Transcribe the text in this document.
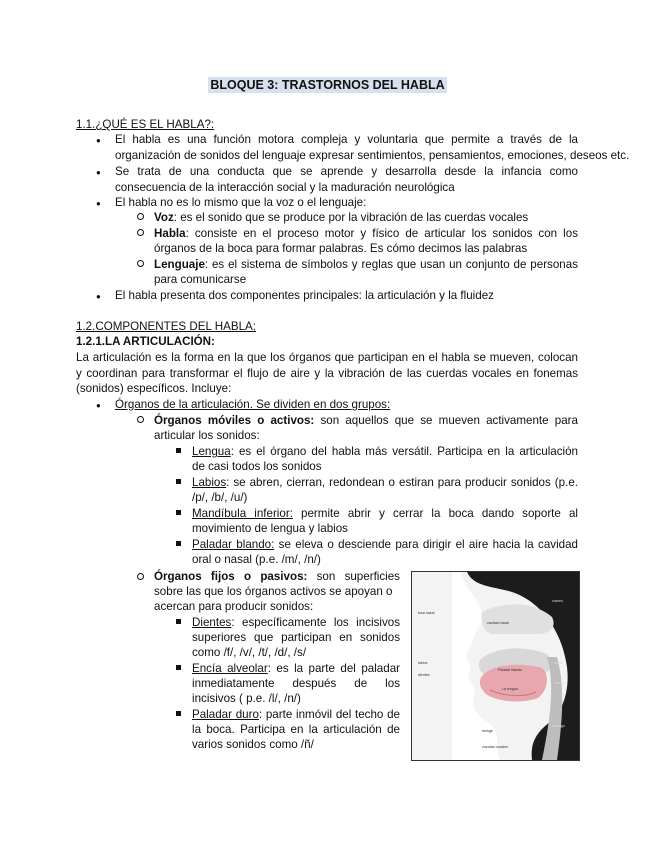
BLOQUE 3: TRASTORNOS DEL HABLA
1.1.¿QUÉ ES EL HABLA?:
● El habla es una función motora compleja y voluntaria que permite a través de la
organización de sonidos del lenguaje expresar sentimientos, pensamientos, emociones, deseos etc.
● Se trata de una conducta que se aprende y desarrolla desde la infancia como
consecuencia de la interacción social y la maduración neurológica
● El habla no es lo mismo que la voz o el lenguaje:
Voz: es el sonido que se produce por la vibración de las cuerdas vocales
Habla: consiste en el proceso motor y físico de articular los sonidos con los
órganos de la boca para formar palabras. Es cómo decimos las palabras
Lenguaje: es el sistema de símbolos y reglas que usan un conjunto de personas
para comunicarse
● El habla presenta dos componentes principales: la articulación y la fluidez
1.2.COMPONENTES DEL HABLA:
1.2.1.LA ARTICULACIÓN:
La articulación es la forma en la que los órganos que participan en el habla se mueven, colocan
y coordinan para transformar el flujo de aire y la vibración de las cuerdas vocales en fonemas
(sonidos) específicos. Incluye:
● Órganos de la articulación. Se dividen en dos grupos:
Órganos móviles o activos: son aquellos que se mueven activamente para
articular los sonidos:
Lengua: es el órgano del habla más versátil. Participa en la articulación
de casi todos los sonidos
Labios: se abren, cierran, redondean o estiran para producir sonidos (p.e.
/p/, /b/, /u/)
Mandíbula inferior: permite abrir y cerrar la boca dando soporte al
movimiento de lengua y labios
Paladar blando: se eleva o desciende para dirigir el aire hacia la cavidad
oral o nasal (p.e. /m/, /n/)
Órganos fijos o pasivos: son superficies
sobre las que los órganos activos se apoyan o
acercan para producir sonidos:
Dientes: específicamente los incisivos
superiores que participan en sonidos
como /f/, /v/, /t/, /d/, /s/
Encía alveolar: es la parte del paladar
inmediatamente después de los
incisivos ( p.e. /l/, /n/)
Paladar duro: parte inmóvil del techo de
la boca. Participa en la articulación de
varios sonidos como /ñ/
fosa nasal
labios
dientes
cavidad nasal
Paladar blando
La lengua
cráneo
úvula
faringe
laringe
cuerdas vocales
esófago
